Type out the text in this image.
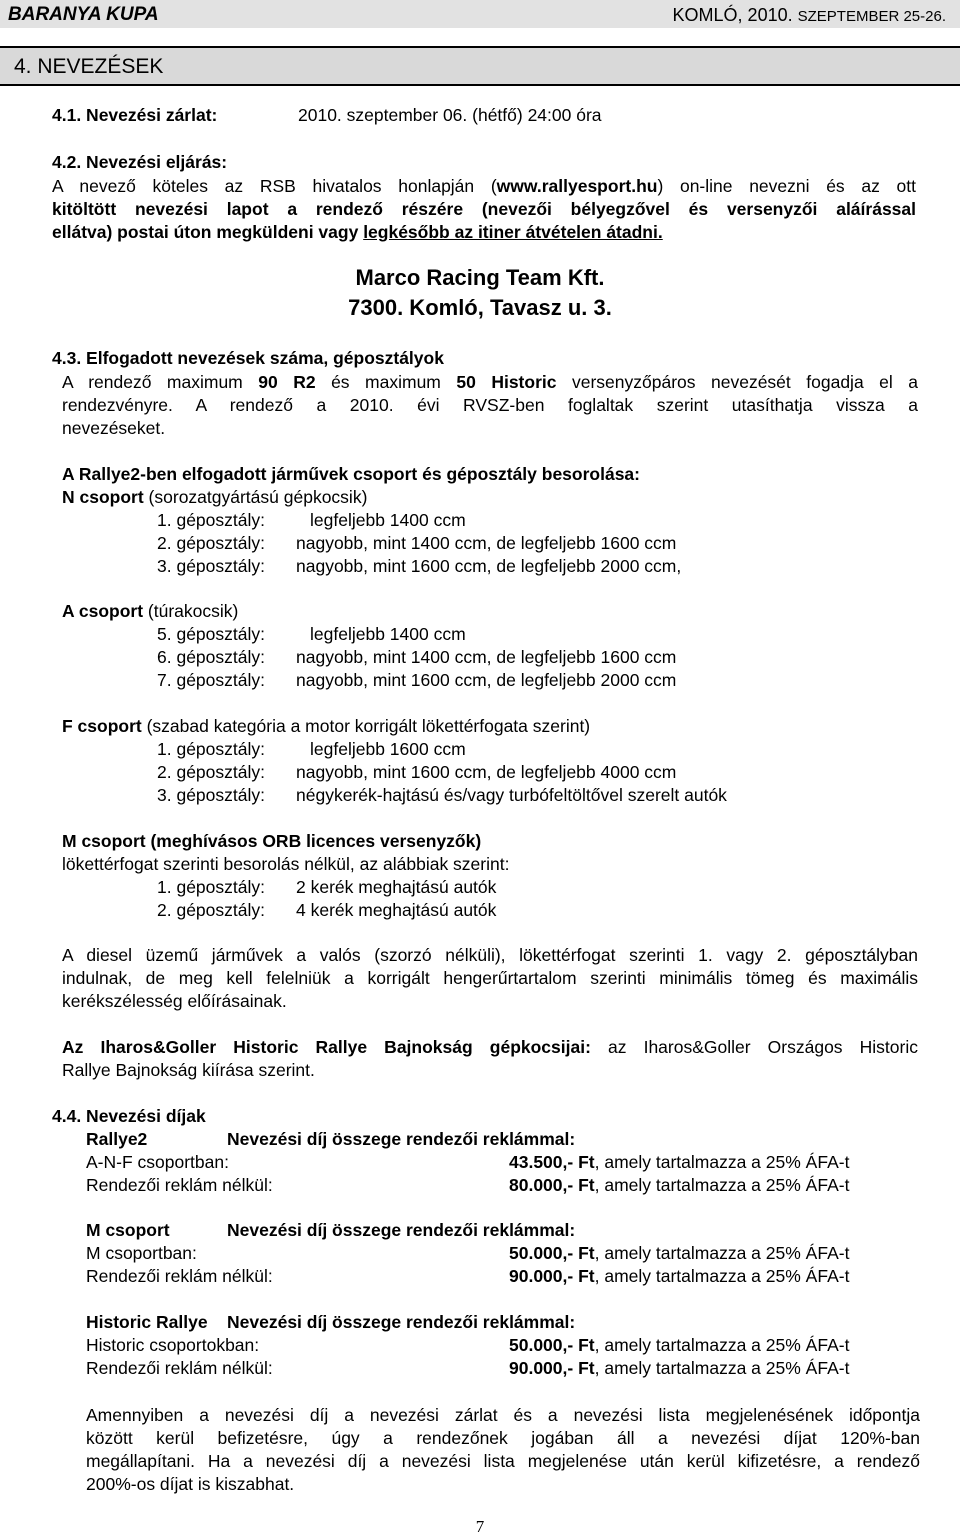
BARANYA KUPA	KOMLÓ, 2010. SZEPTEMBER 25-26.
4. NEVEZÉSEK
4.1. Nevezési zárlat:	2010. szeptember 06. (hétfő) 24:00 óra
4.2. Nevezési eljárás:
A nevező köteles az RSB hivatalos honlapján (www.rallyesport.hu) on-line nevezni és az ott
kitöltött nevezési lapot a rendező részére (nevezői bélyegzővel és versenyzői aláírással
ellátva) postai úton megküldeni vagy legkésőbb az itiner átvételen átadni.
Marco Racing Team Kft.
7300. Komló, Tavasz u. 3.
4.3. Elfogadott nevezések száma, géposztályok
A rendező maximum 90 R2 és maximum 50 Historic versenyzőpáros nevezését fogadja el a
rendezvényre. A rendező a 2010. évi RVSZ-ben foglaltak szerint utasíthatja vissza a
nevezéseket.
A Rallye2-ben elfogadott járművek csoport és géposztály besorolása:
N csoport (sorozatgyártású gépkocsik)
1. géposztály:	legfeljebb 1400 ccm
2. géposztály: nagyobb, mint 1400 ccm, de legfeljebb 1600 ccm
3. géposztály: nagyobb, mint 1600 ccm, de legfeljebb 2000 ccm,
A csoport (túrakocsik)
5. géposztály:	legfeljebb 1400 ccm
6. géposztály: nagyobb, mint 1400 ccm, de legfeljebb 1600 ccm
7. géposztály: nagyobb, mint 1600 ccm, de legfeljebb 2000 ccm
F csoport (szabad kategória a motor korrigált lökettérfogata szerint)
1. géposztály:	legfeljebb 1600 ccm
2. géposztály: nagyobb, mint 1600 ccm, de legfeljebb 4000 ccm
3. géposztály: négykerék-hajtású és/vagy turbófeltöltővel szerelt autók
M csoport (meghívásos ORB licences versenyzők)
lökettérfogat szerinti besorolás nélkül, az alábbiak szerint:
1. géposztály: 2 kerék meghajtású autók
2. géposztály: 4 kerék meghajtású autók
A diesel üzemű járművek a valós (szorzó nélküli), lökettérfogat szerinti 1. vagy 2. géposztályban
indulnak, de meg kell felelniük a korrigált hengerűrtartalom szerinti minimális tömeg és maximális
kerékszélesség előírásainak.
Az Iharos&Goller Historic Rallye Bajnokság gépkocsijai: az Iharos&Goller Országos Historic
Rallye Bajnokság kiírása szerint.
4.4. Nevezési díjak
Rallye2	Nevezési díj összege rendezői reklámmal:
A-N-F csoportban:	43.500,- Ft, amely tartalmazza a 25% ÁFA-t
Rendezői reklám nélkül:	80.000,- Ft, amely tartalmazza a 25% ÁFA-t
M csoport	Nevezési díj összege rendezői reklámmal:
M csoportban:	50.000,- Ft, amely tartalmazza a 25% ÁFA-t
Rendezői reklám nélkül:	90.000,- Ft, amely tartalmazza a 25% ÁFA-t
Historic Rallye Nevezési díj összege rendezői reklámmal:
Historic csoportokban:	50.000,- Ft, amely tartalmazza a 25% ÁFA-t
Rendezői reklám nélkül:	90.000,- Ft, amely tartalmazza a 25% ÁFA-t
Amennyiben a nevezési díj a nevezési zárlat és a nevezési lista megjelenésének időpontja
között kerül befizetésre, úgy a rendezőnek jogában áll a nevezési díjat 120%-ban
megállapítani. Ha a nevezési díj a nevezési lista megjelenése után kerül kifizetésre, a rendező
200%-os díjat is kiszabhat.
7
